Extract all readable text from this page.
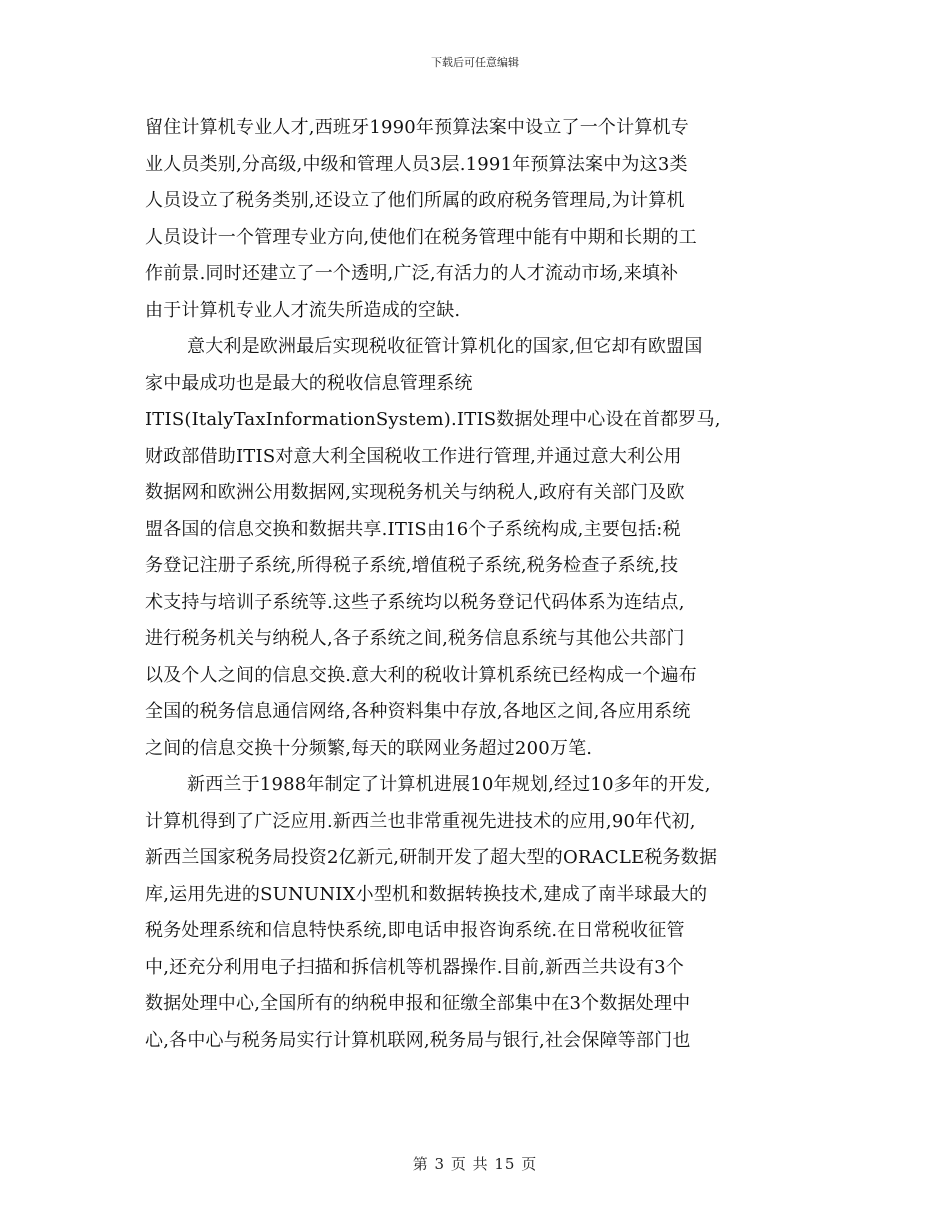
下载后可任意编辑
留住计算机专业人才,西班牙1990年预算法案中设立了一个计算机专
业人员类别,分高级,中级和管理人员3层.1991年预算法案中为这3类
人员设立了税务类别,还设立了他们所属的政府税务管理局,为计算机
人员设计一个管理专业方向,使他们在税务管理中能有中期和长期的工
作前景.同时还建立了一个透明,广泛,有活力的人才流动市场,来填补
由于计算机专业人才流失所造成的空缺.
意大利是欧洲最后实现税收征管计算机化的国家,但它却有欧盟国
家中最成功也是最大的税收信息管理系统
ITIS(ItalyTaxInformationSystem).ITIS数据处理中心设在首都罗马,
财政部借助ITIS对意大利全国税收工作进行管理,并通过意大利公用
数据网和欧洲公用数据网,实现税务机关与纳税人,政府有关部门及欧
盟各国的信息交换和数据共享.ITIS由16个子系统构成,主要包括:税
务登记注册子系统,所得税子系统,增值税子系统,税务检查子系统,技
术支持与培训子系统等.这些子系统均以税务登记代码体系为连结点,
进行税务机关与纳税人,各子系统之间,税务信息系统与其他公共部门
以及个人之间的信息交换.意大利的税收计算机系统已经构成一个遍布
全国的税务信息通信网络,各种资料集中存放,各地区之间,各应用系统
之间的信息交换十分频繁,每天的联网业务超过200万笔.
新西兰于1988年制定了计算机进展10年规划,经过10多年的开发,
计算机得到了广泛应用.新西兰也非常重视先进技术的应用,90年代初,
新西兰国家税务局投资2亿新元,研制开发了超大型的ORACLE税务数据
库,运用先进的SUNUNIX小型机和数据转换技术,建成了南半球最大的
税务处理系统和信息特快系统,即电话申报咨询系统.在日常税收征管
中,还充分利用电子扫描和拆信机等机器操作.目前,新西兰共设有3个
数据处理中心,全国所有的纳税申报和征缴全部集中在3个数据处理中
心,各中心与税务局实行计算机联网,税务局与银行,社会保障等部门也
第 3 页 共 15 页
